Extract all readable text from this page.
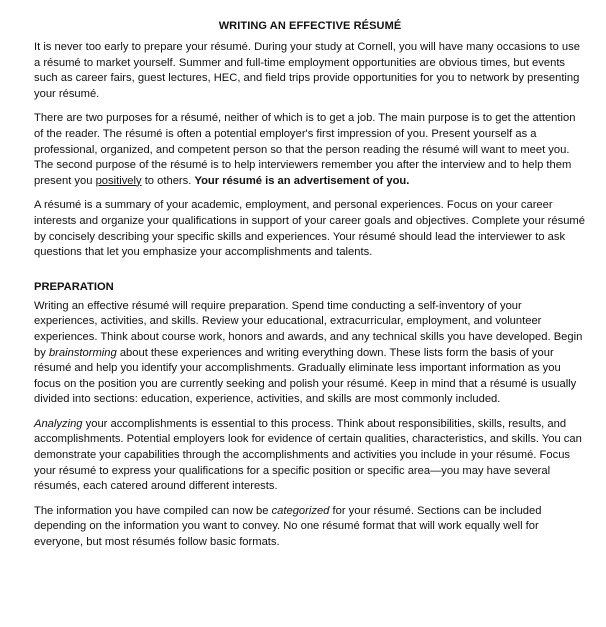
WRITING AN EFFECTIVE RÉSUMÉ

It is never too early to prepare your résumé. During your study at Cornell, you will have many occasions to use a résumé to market yourself. Summer and full-time employment opportunities are obvious times, but events such as career fairs, guest lectures, HEC, and field trips provide opportunities for you to network by presenting your résumé.

There are two purposes for a résumé, neither of which is to get a job. The main purpose is to get the attention of the reader. The résumé is often a potential employer's first impression of you. Present yourself as a professional, organized, and competent person so that the person reading the résumé will want to meet you. The second purpose of the résumé is to help interviewers remember you after the interview and to help them present you positively to others. Your résumé is an advertisement of you.

A résumé is a summary of your academic, employment, and personal experiences. Focus on your career interests and organize your qualifications in support of your career goals and objectives. Complete your résumé by concisely describing your specific skills and experiences. Your résumé should lead the interviewer to ask questions that let you emphasize your accomplishments and talents.

PREPARATION

Writing an effective résumé will require preparation. Spend time conducting a self-inventory of your experiences, activities, and skills. Review your educational, extracurricular, employment, and volunteer experiences. Think about course work, honors and awards, and any technical skills you have developed. Begin by brainstorming about these experiences and writing everything down. These lists form the basis of your résumé and help you identify your accomplishments. Gradually eliminate less important information as you focus on the position you are currently seeking and polish your résumé. Keep in mind that a résumé is usually divided into sections: education, experience, activities, and skills are most commonly included.

Analyzing your accomplishments is essential to this process. Think about responsibilities, skills, results, and accomplishments. Potential employers look for evidence of certain qualities, characteristics, and skills. You can demonstrate your capabilities through the accomplishments and activities you include in your résumé. Focus your résumé to express your qualifications for a specific position or specific area—you may have several résumés, each catered around different interests.

The information you have compiled can now be categorized for your résumé. Sections can be included depending on the information you want to convey. No one résumé format that will work equally well for everyone, but most résumés follow basic formats.
